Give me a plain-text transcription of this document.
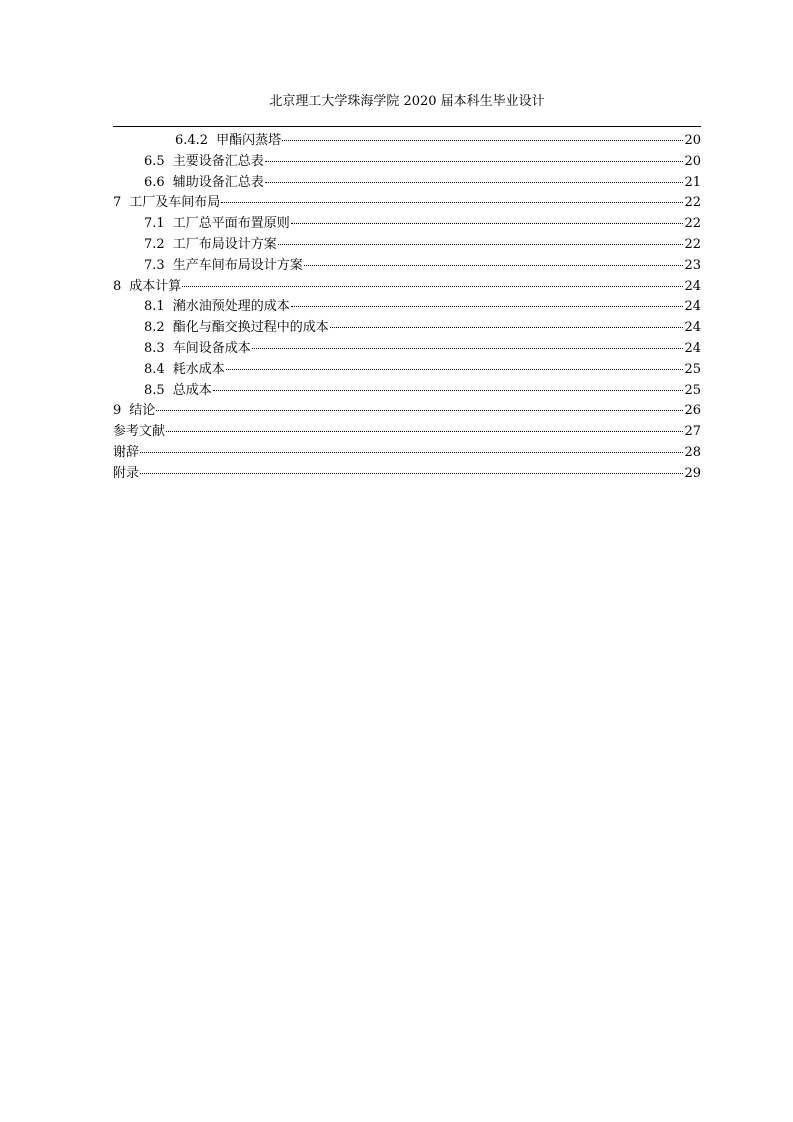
北京理工大学珠海学院 2020 届本科生毕业设计
6.4.2 甲酯闪蒸塔	20
6.5 主要设备汇总表	20
6.6 辅助设备汇总表	21
7 工厂及车间布局	22
7.1 工厂总平面布置原则	22
7.2 工厂布局设计方案	22
7.3 生产车间布局设计方案	23
8 成本计算	24
8.1 潲水油预处理的成本	24
8.2 酯化与酯交换过程中的成本	24
8.3 车间设备成本	24
8.4 耗水成本	25
8.5 总成本	25
9 结论	26
参考文献	27
谢辞	28
附录	29
